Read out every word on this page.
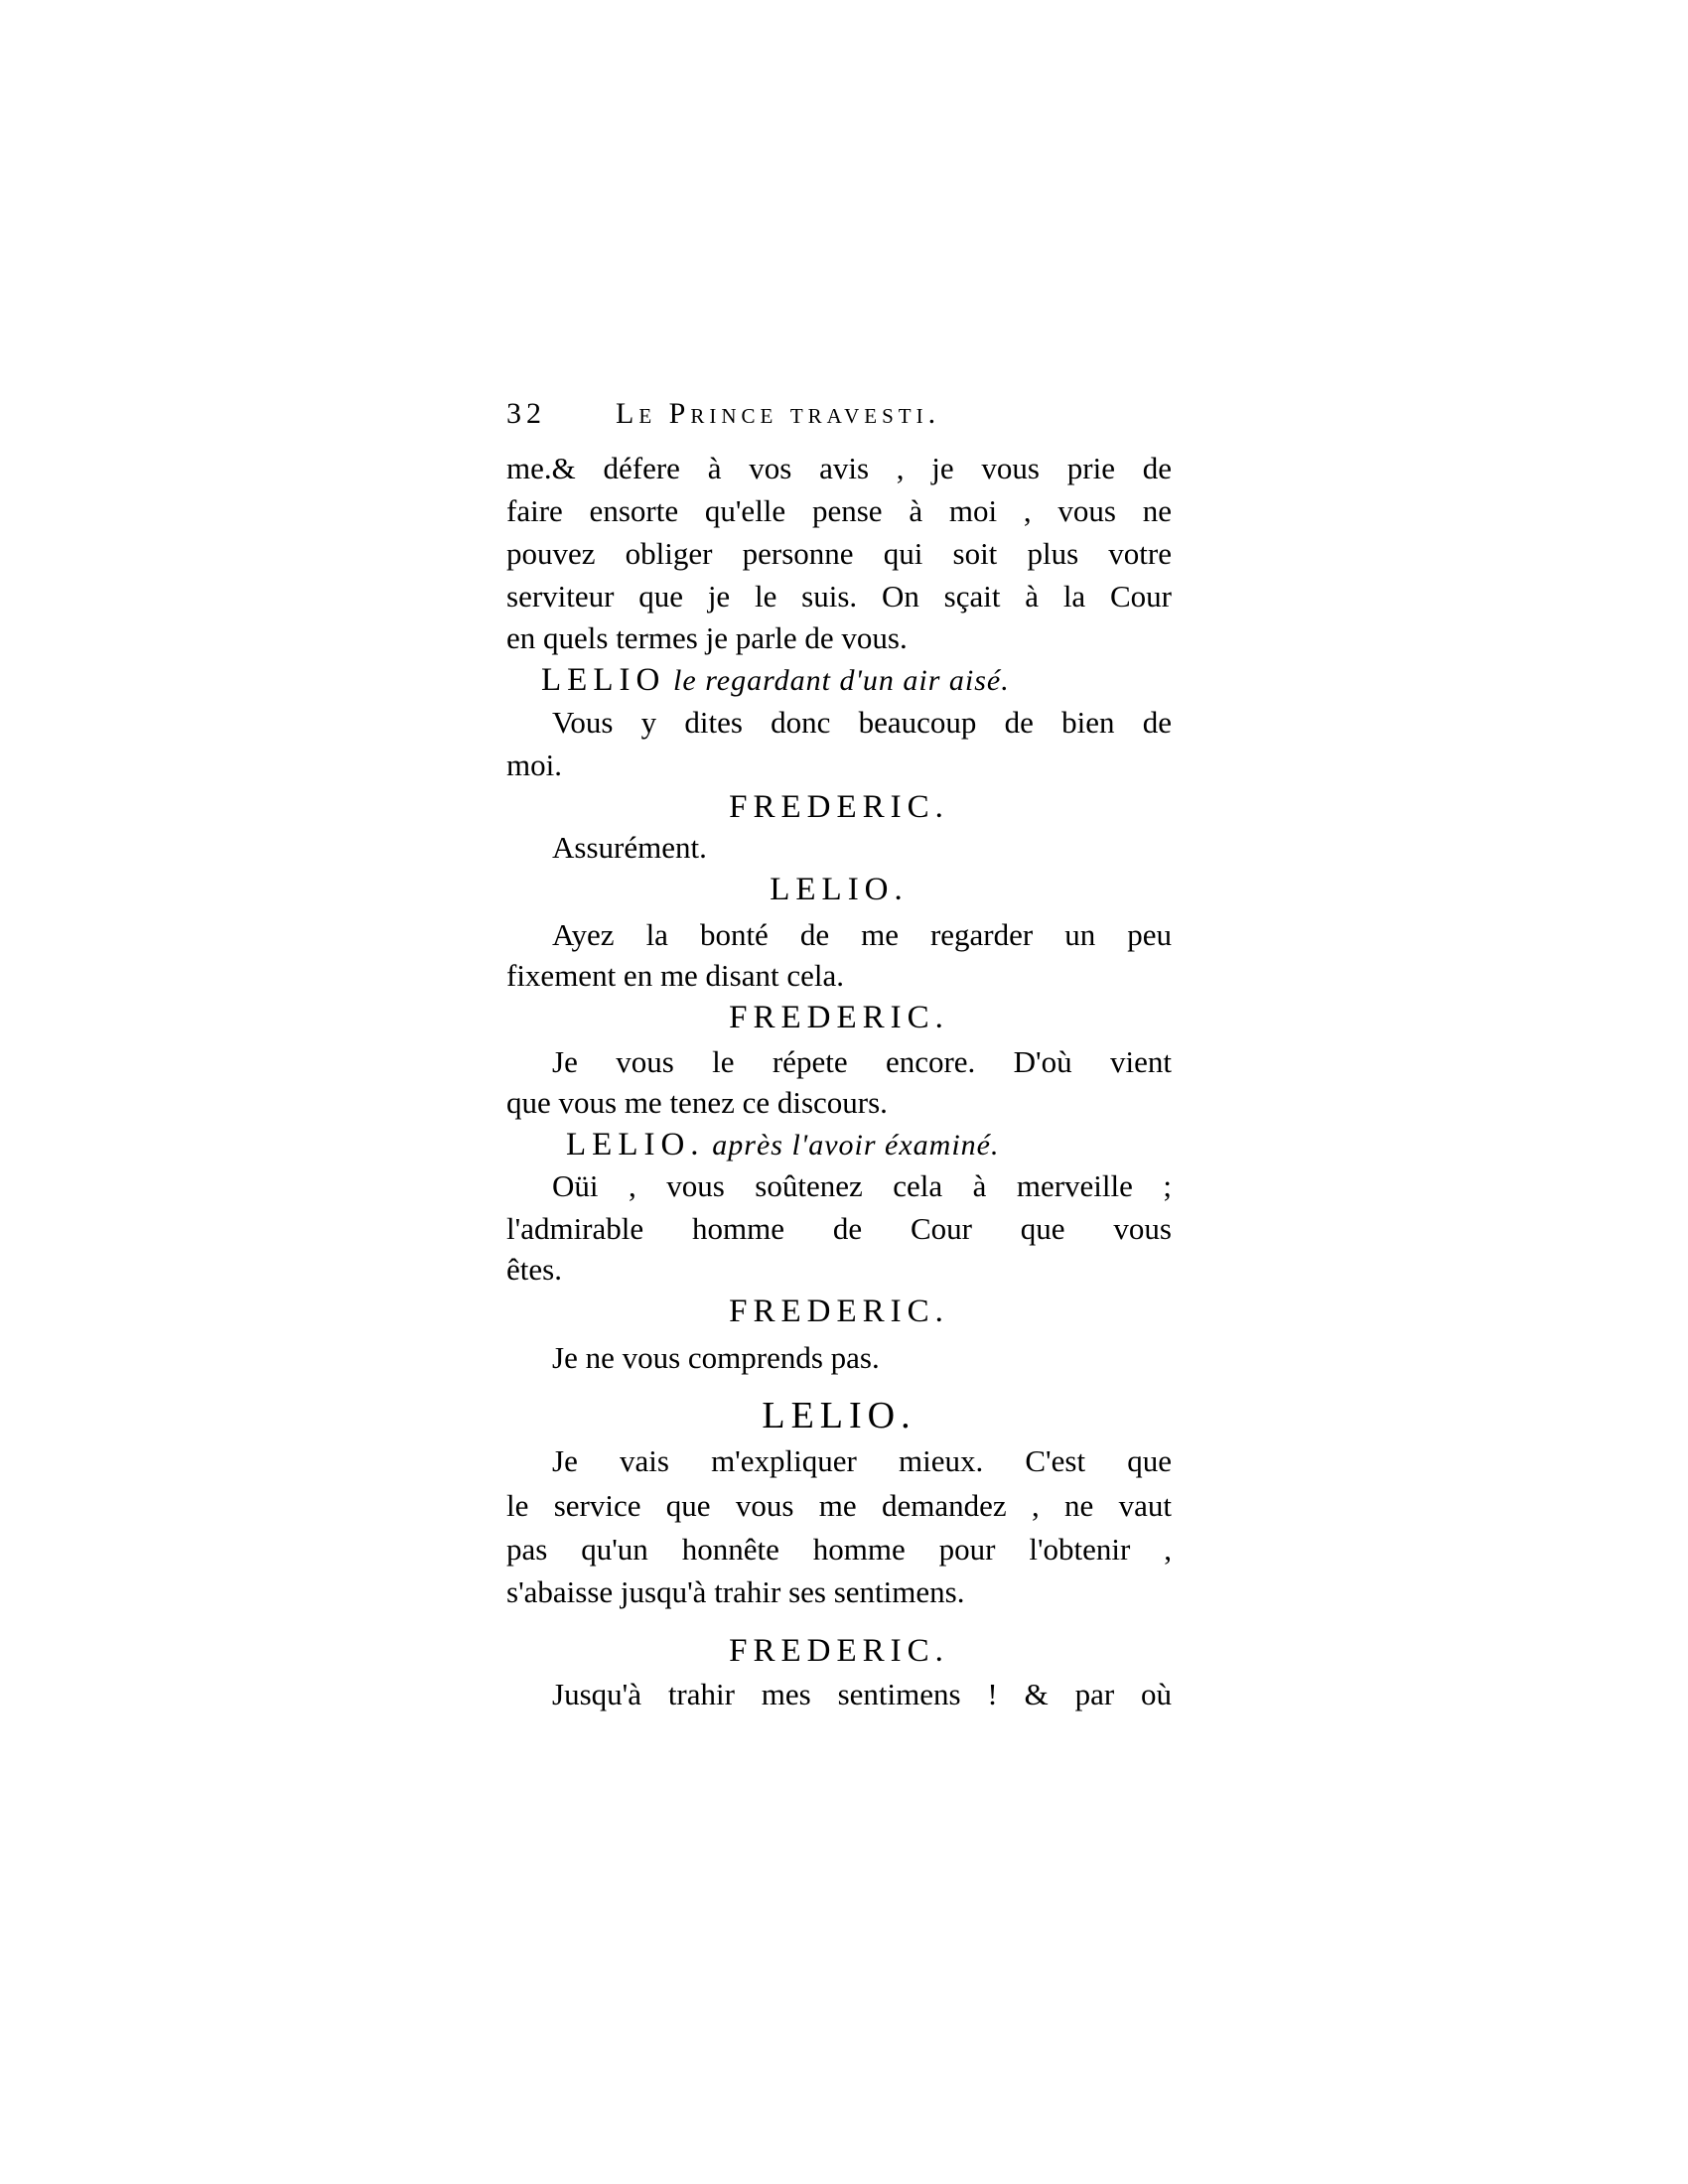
32	Le Prince travesti.
me.& défere à vos avis , je vous prie de
faire ensorte qu'elle pense à moi , vous ne
pouvez obliger personne qui soit plus votre
serviteur que je le suis. On sçait à la Cour
en quels termes je parle de vous.
LELIO le regardant d'un air aisé.
Vous y dites donc beaucoup de bien de
moi.
FREDERIC.
Assurément.
LELIO.
Ayez la bonté de me regarder un peu
fixement en me disant cela.
FREDERIC.
Je vous le répete encore. D'où vient
que vous me tenez ce discours.
LELIO. après l'avoir éxaminé.
Oüi , vous soûtenez cela à merveille ;
l'admirable homme de Cour que vous
êtes.
FREDERIC.
Je ne vous comprends pas.
LELIO.
Je vais m'expliquer mieux. C'est que
le service que vous me demandez , ne vaut
pas qu'un honnête homme pour l'obtenir ,
s'abaisse jusqu'à trahir ses sentimens.
FREDERIC.
Jusqu'à trahir mes sentimens ! & par où
